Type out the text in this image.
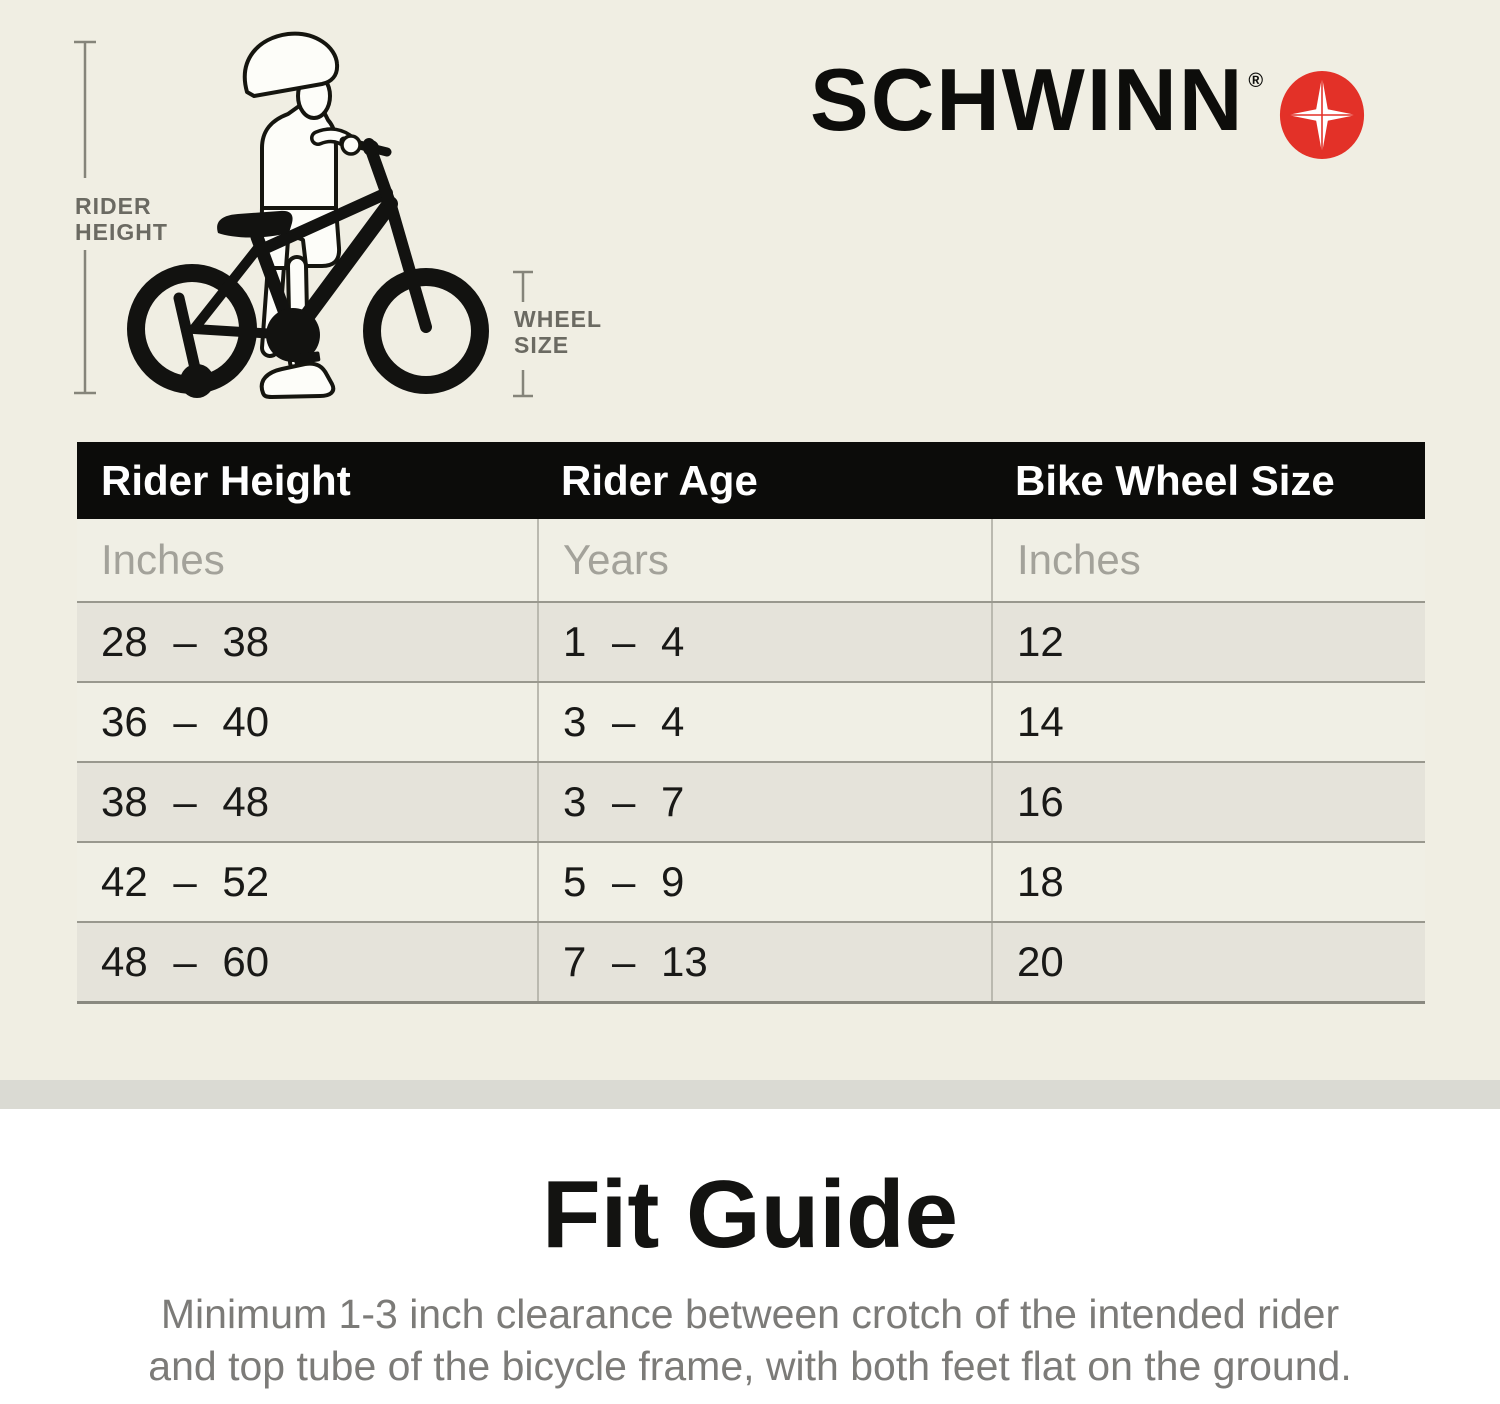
RIDER
HEIGHT
WHEEL
SIZE
SCHWINN ®
Rider Height	Rider Age	Bike Wheel Size
Inches	Years	Inches
28 – 38	1 – 4	12
36 – 40	3 – 4	14
38 – 48	3 – 7	16
42 – 52	5 – 9	18
48 – 60	7 – 13	20
Fit Guide
Minimum 1-3 inch clearance between crotch of the intended rider
and top tube of the bicycle frame, with both feet flat on the ground.
